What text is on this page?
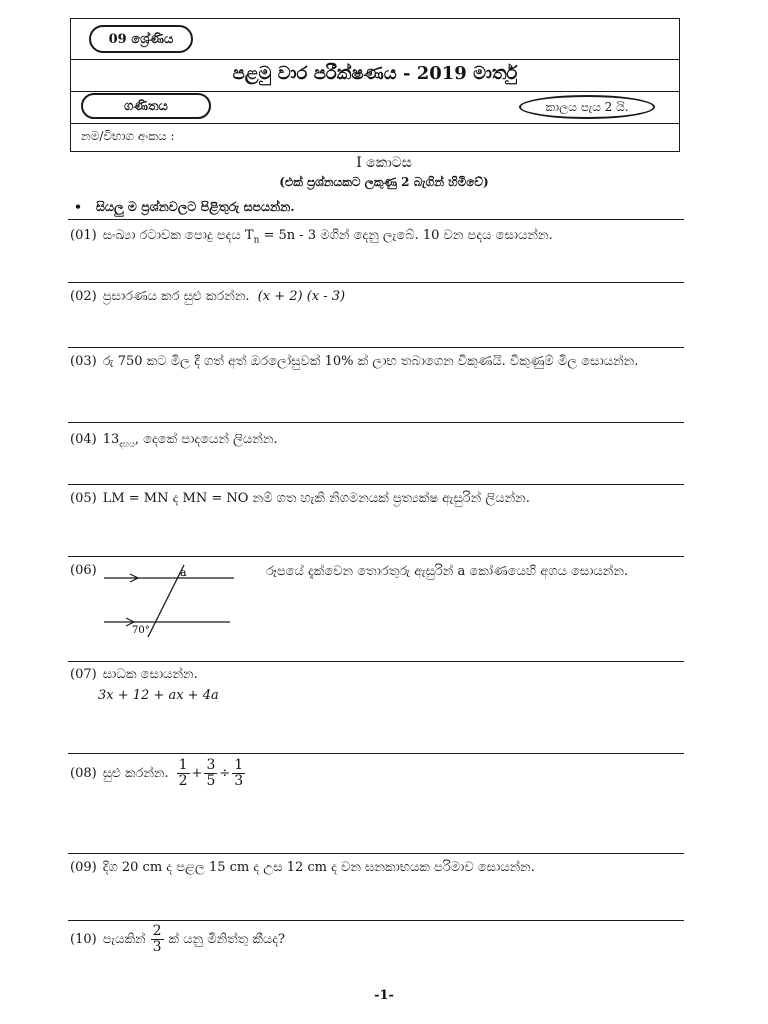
09 ශ්‍රේණිය
පළමු වාර පරීක්ෂණය - 2019 මාර්තු
ගණිතය	කාලය පැය 2 යි.
නම/විභාග අංකය :
I කොටස
(එක් ප්‍රශ්නයකට ලකුණු 2 බැගින් හිමිවේ)
• සියලු ම ප්‍රශ්නවලට පිළිතුරු සපයන්න.
(01) සංඛ්‍යා රටාවක පොදු පදය $T_n = 5n - 3$ මගින් දෙනු ලැබේ. 10 වන පදය සොයන්න.
(02) ප්‍රසාරණය කර සුළු කරන්න. (x + 2) (x - 3)
(03) රු 750 කට මිල දී ගත් අත් ඔරලෝසුවක් 10% ක් ලාභ තබාගෙන විකුණයි. විකුණුම් මිල සොයන්න.
(04) $13_{දහය}$, දෙකේ පාදයෙන් ලියන්න.
(05) LM = MN ද MN = NO නම් ගත හැකි නිගමනයක් ප්‍රත්‍යක්ෂ ඇසුරින් ලියන්න.
(06)	a
70°
රූපයේ දැක්වෙන තොරතුරු ඇසුරින් a කෝණයෙහි අගය සොයන්න.
(07) සාධක සොයන්න.
3x + 12 + ax + 4a
(08) සුළු කරන්න. $\frac{1}{2} + \frac{3}{5} \div \frac{1}{3}$
(09) දිග 20 cm ද පළල 15 cm ද උස 12 cm ද වන ඝනකාභයක පරිමාව සොයන්න.
(10) පැයකින් $\frac{2}{3}$ ක් යනු මිනිත්තු කීයද?
-1-
